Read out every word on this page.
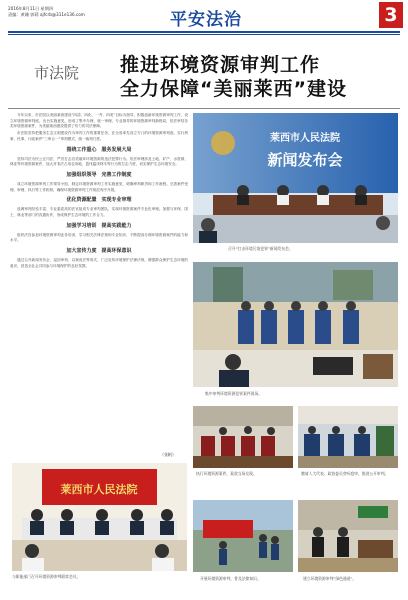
2016年8月11日 星期四
责编：黄珊 郭莉 ajfcrb@311e136.com	平安法治	3
市法院 推进环境资源审判工作
全力保障“美丽莱西”建设

今年以来，市法院以美丽莱西建设“四清、四化、一齐、四美”目标为指导，积极创新环境资源审判工作，设立环境资源审判庭，出台实施意见，形成了集中办理、统一审理、专业指导的环境资源审判新格局，依法审结各类环境资源案件，为美丽莱西建设提供了有力的司法保障。

市法院坚持把服务生态文明建设作为审判工作的重要任务，在全省率先设立专门的环境资源审判庭，实行刑事、民事、行政案件“三审合一”审判模式，统一裁判尺度。

围绕工作重心　服务发展大局

坚持司法为民公正司法，严厉打击各类破坏环境资源的违法犯罪行为。依法审理涉及土地、矿产、水资源、林业等环境资源案件，加大对非法占用农用地、盗伐滥伐林木等行为的打击力度，切实保护生态环境安全。

加强组织领导　完善工作制度

成立环境资源审判工作领导小组，制定环境资源审判工作实施意见，明确审判职责和工作流程。完善案件受理、审理、执行等工作机制，确保环境资源审判工作规范有序开展。

优化资源配置　实现专业审理

选调审判经验丰富、专业素质高的法官组成专业审判团队，实现环境资源案件专业化审理。加强与环保、国土、林业等部门的沟通协作，形成保护生态环境的工作合力。

加强学习培训　提高实践能力

组织法官参加环境资源审判业务培训，学习相关法律法规和专业知识，不断提高办理环境资源案件的能力和水平。

加大宣传力度　提高环保意识

通过召开新闻发布会、巡回审判、以案说法等形式，广泛宣传环境保护法律法规，增强群众保护生态环境的意识，营造全社会共同参与环境保护的良好氛围。

（张帆）
莱西市人民法院
新闻发布会
召开“打击环境污染犯罪”新闻发布会。
集中审判环境资源犯罪案件现场。
执行环境资源案件，案款当场兑现。	邀请人大代表、政协委员旁听庭审，推进公开审判。
莱西市人民法院
与职能部门召开环境资源审判联席会议。	开展环境资源审判，普及法律知识。	建立环境资源审判“绿色通道”。
